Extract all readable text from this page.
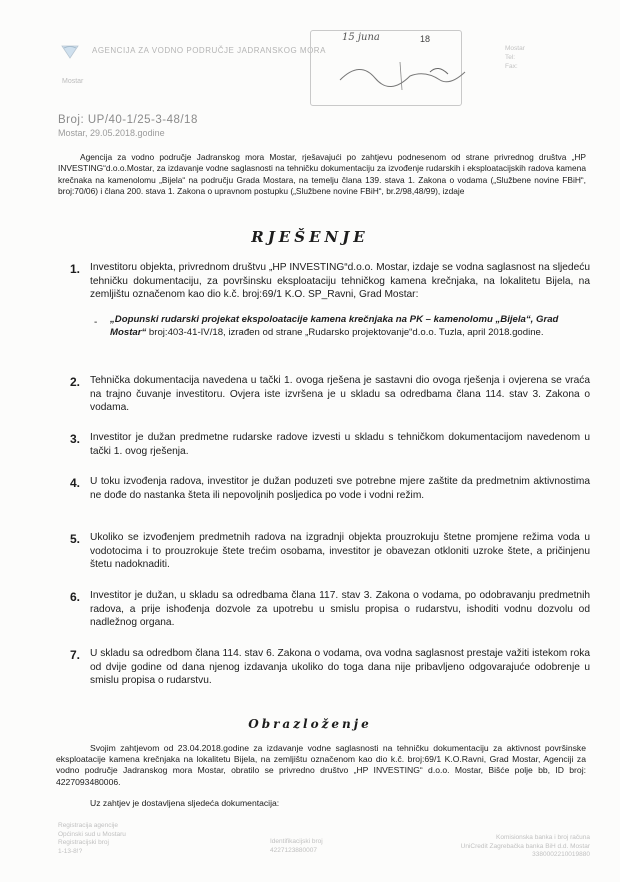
AGENCIJA ZA VODNO PODRUČJE JADRANSKOG MORA
Mostar
Mostar
Tel:
Fax:
15 juna	18
Broj: UP/40-1/25-3-48/18
Mostar, 29.05.2018.godine
Agencija za vodno područje Jadranskog mora Mostar, rješavajući po zahtjevu podnesenom od strane privrednog društva „HP INVESTING“d.o.o.Mostar, za izdavanje vodne saglasnosti na tehničku dokumentaciju za izvođenje rudarskih i eksploatacijskih radova kamena krečnaka na kamenolomu „Bijela“ na području Grada Mostara, na temelju člana 139. stava 1. Zakona o vodama („Službene novine FBiH“, broj:70/06) i člana 200. stava 1. Zakona o upravnom postupku („Službene novine FBiH“, br.2/98,48/99), izdaje
RJEŠENJE
1. Investitoru objekta, privrednom društvu „HP INVESTING“d.o.o. Mostar, izdaje se vodna saglasnost na sljedeću tehničku dokumentaciju, za površinsku eksploataciju tehničkog kamena krečnjaka, na lokalitetu Bijela, na zemljištu označenom kao dio k.č. broj:69/1 K.O. SP_Ravni, Grad Mostar:
- „Dopunski rudarski projekat ekspoloatacije kamena krečnjaka na PK – kamenolomu „Bijela“, Grad Mostar“ broj:403-41-IV/18, izrađen od strane „Rudarsko projektovanje“d.o.o. Tuzla, april 2018.godine.
2. Tehnička dokumentacija navedena u tački 1. ovoga rješena je sastavni dio ovoga rješenja i ovjerena se vraća na trajno čuvanje investitoru. Ovjera iste izvršena je u skladu sa odredbama člana 114. stav 3. Zakona o vodama.
3. Investitor je dužan predmetne rudarske radove izvesti u skladu s tehničkom dokumentacijom navedenom u tački 1. ovog rješenja.
4. U toku izvođenja radova, investitor je dužan poduzeti sve potrebne mjere zaštite da predmetnim aktivnostima ne dođe do nastanka šteta ili nepovoljnih posljedica po vode i vodni režim.
5. Ukoliko se izvođenjem predmetnih radova na izgradnji objekta prouzrokuju štetne promjene režima voda u vodotocima i to prouzrokuje štete trećim osobama, investitor je obavezan otkloniti uzroke štete, a pričinjenu štetu nadoknaditi.
6. Investitor je dužan, u skladu sa odredbama člana 117. stav 3. Zakona o vodama, po odobravanju predmetnih radova, a prije ishođenja dozvole za upotrebu u smislu propisa o rudarstvu, ishoditi vodnu dozvolu od nadležnog organa.
7. U skladu sa odredbom člana 114. stav 6. Zakona o vodama, ova vodna saglasnost prestaje važiti istekom roka od dvije godine od dana njenog izdavanja ukoliko do toga dana nije pribavljeno odgovarajuće odobrenje u smislu propisa o rudarstvu.
Obrazloženje
Svojim zahtjevom od 23.04.2018.godine za izdavanje vodne saglasnosti na tehničku dokumentaciju za aktivnost površinske eksploatacije kamena krečnjaka na lokalitetu Bijela, na zemljištu označenom kao dio k.č. broj:69/1 K.O.Ravni, Grad Mostar, Agenciji za vodno područje Jadranskog mora Mostar, obratilo se privredno društvo „HP INVESTING“ d.o.o. Mostar, Bišće polje bb, ID broj: 4227093480006.
Uz zahtjev je dostavljena sljedeća dokumentacija:
Registracija agencije
Općinski sud u Mostaru
Registracijski broj
1-13-8!?
Identifikacijski broj
4227123880007
Komisionska banka i broj računa
UniCredit Zagrebačka banka BiH d.d. Mostar
3380002210019880
